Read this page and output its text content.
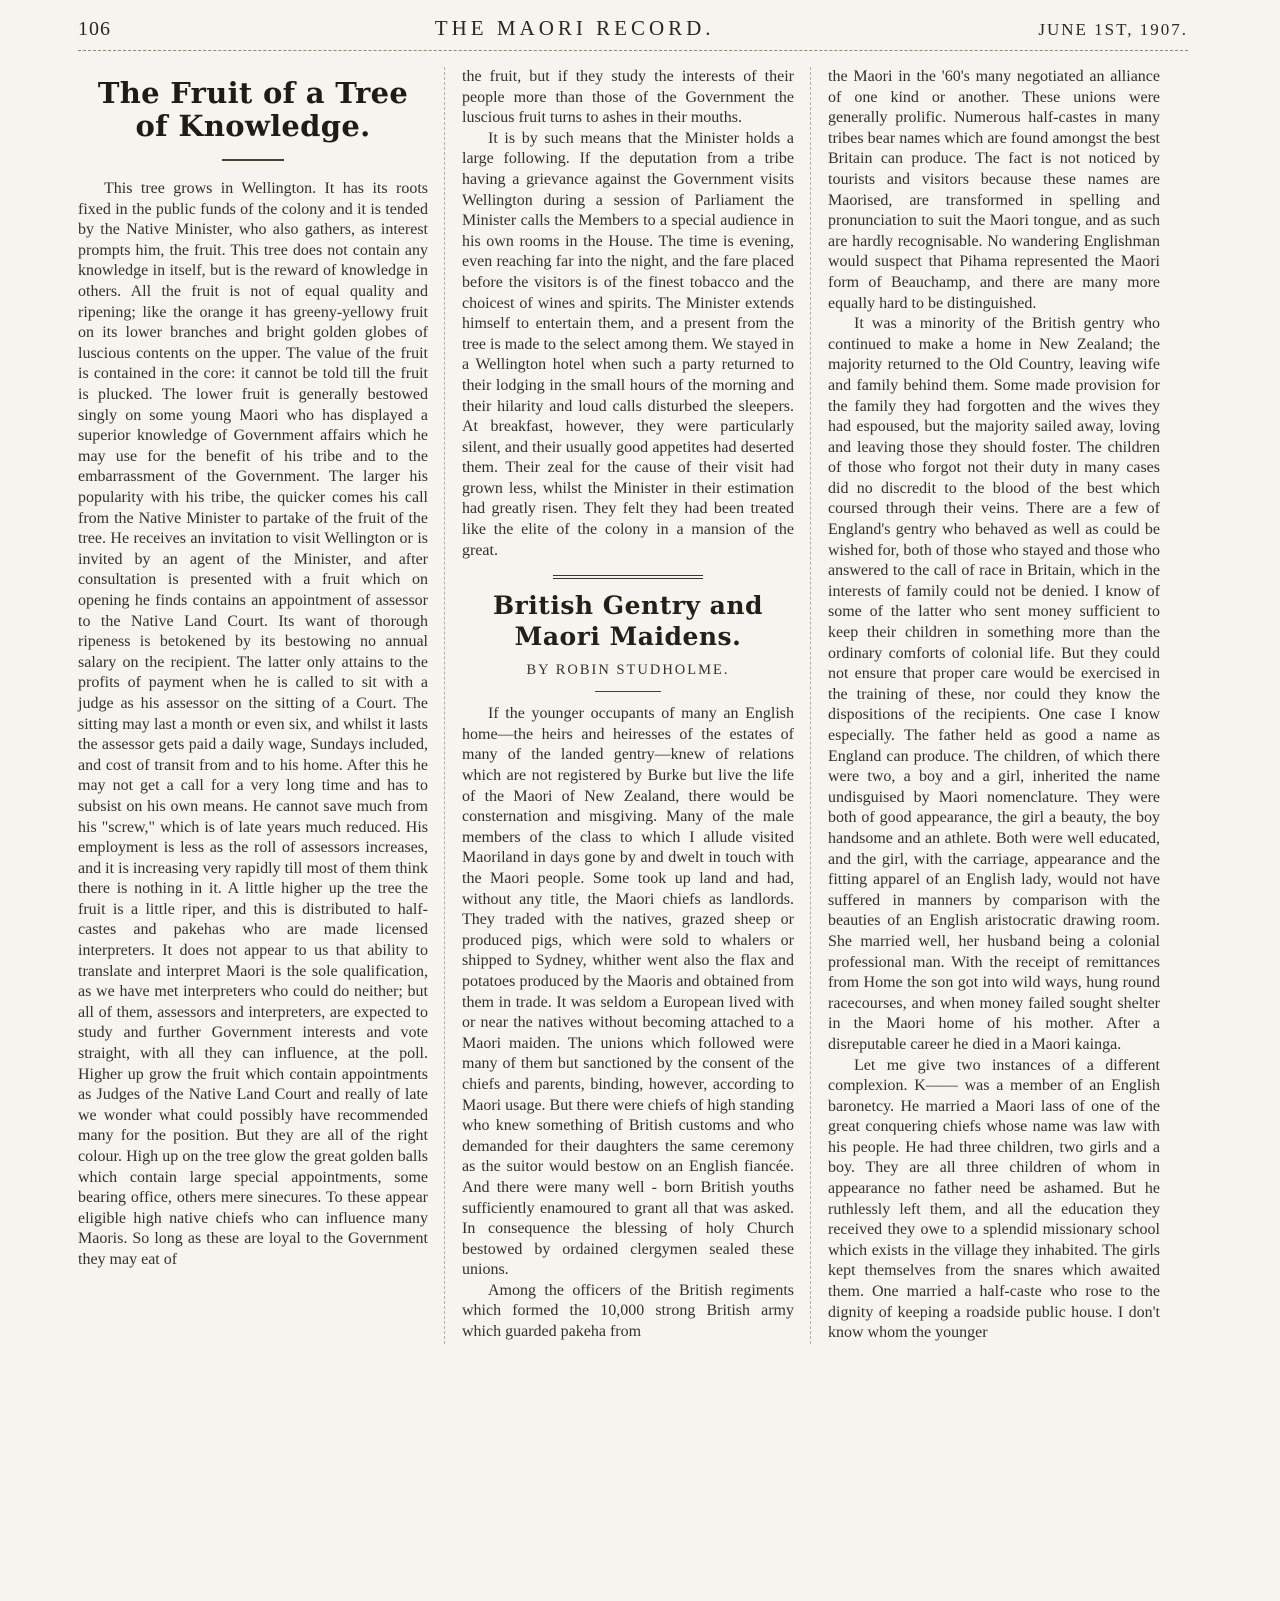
106	THE MAORI RECORD.	JUNE 1ST, 1907.
The Fruit of a Tree of Knowledge.

This tree grows in Wellington. It has its roots fixed in the public funds of the colony and it is tended by the Native Minister, who also gathers, as interest prompts him, the fruit. This tree does not contain any knowledge in itself, but is the reward of knowledge in others. All the fruit is not of equal quality and ripening; like the orange it has greeny-yellowy fruit on its lower branches and bright golden globes of luscious contents on the upper. The value of the fruit is contained in the core: it cannot be told till the fruit is plucked. The lower fruit is generally bestowed singly on some young Maori who has displayed a superior knowledge of Government affairs which he may use for the benefit of his tribe and to the embarrassment of the Government. The larger his popularity with his tribe, the quicker comes his call from the Native Minister to partake of the fruit of the tree. He receives an invitation to visit Wellington or is invited by an agent of the Minister, and after consultation is presented with a fruit which on opening he finds contains an appointment of assessor to the Native Land Court. Its want of thorough ripeness is betokened by its bestowing no annual salary on the recipient. The latter only attains to the profits of payment when he is called to sit with a judge as his assessor on the sitting of a Court. The sitting may last a month or even six, and whilst it lasts the assessor gets paid a daily wage, Sundays included, and cost of transit from and to his home. After this he may not get a call for a very long time and has to subsist on his own means. He cannot save much from his "screw," which is of late years much reduced. His employment is less as the roll of assessors increases, and it is increasing very rapidly till most of them think there is nothing in it. A little higher up the tree the fruit is a little riper, and this is distributed to half-castes and pakehas who are made licensed interpreters. It does not appear to us that ability to translate and interpret Maori is the sole qualification, as we have met interpreters who could do neither; but all of them, assessors and interpreters, are expected to study and further Government interests and vote straight, with all they can influence, at the poll. Higher up grow the fruit which contain appointments as Judges of the Native Land Court and really of late we wonder what could possibly have recommended many for the position. But they are all of the right colour. High up on the tree glow the great golden balls which contain large special appointments, some bearing office, others mere sinecures. To these appear eligible high native chiefs who can influence many Maoris. So long as these are loyal to the Government they may eat of

the fruit, but if they study the interests of their people more than those of the Government the luscious fruit turns to ashes in their mouths.

It is by such means that the Minister holds a large following. If the deputation from a tribe having a grievance against the Government visits Wellington during a session of Parliament the Minister calls the Members to a special audience in his own rooms in the House. The time is evening, even reaching far into the night, and the fare placed before the visitors is of the finest tobacco and the choicest of wines and spirits. The Minister extends himself to entertain them, and a present from the tree is made to the select among them. We stayed in a Wellington hotel when such a party returned to their lodging in the small hours of the morning and their hilarity and loud calls disturbed the sleepers. At breakfast, however, they were particularly silent, and their usually good appetites had deserted them. Their zeal for the cause of their visit had grown less, whilst the Minister in their estimation had greatly risen. They felt they had been treated like the elite of the colony in a mansion of the great.

British Gentry and Maori Maidens.
BY ROBIN STUDHOLME.

If the younger occupants of many an English home—the heirs and heiresses of the estates of many of the landed gentry—knew of relations which are not registered by Burke but live the life of the Maori of New Zealand, there would be consternation and misgiving. Many of the male members of the class to which I allude visited Maoriland in days gone by and dwelt in touch with the Maori people. Some took up land and had, without any title, the Maori chiefs as landlords. They traded with the natives, grazed sheep or produced pigs, which were sold to whalers or shipped to Sydney, whither went also the flax and potatoes produced by the Maoris and obtained from them in trade. It was seldom a European lived with or near the natives without becoming attached to a Maori maiden. The unions which followed were many of them but sanctioned by the consent of the chiefs and parents, binding, however, according to Maori usage. But there were chiefs of high standing who knew something of British customs and who demanded for their daughters the same ceremony as the suitor would bestow on an English fiancée. And there were many well - born British youths sufficiently enamoured to grant all that was asked. In consequence the blessing of holy Church bestowed by ordained clergymen sealed these unions.

Among the officers of the British regiments which formed the 10,000 strong British army which guarded pakeha from

the Maori in the '60's many negotiated an alliance of one kind or another. These unions were generally prolific. Numerous half-castes in many tribes bear names which are found amongst the best Britain can produce. The fact is not noticed by tourists and visitors because these names are Maorised, are transformed in spelling and pronunciation to suit the Maori tongue, and as such are hardly recognisable. No wandering Englishman would suspect that Pihama represented the Maori form of Beauchamp, and there are many more equally hard to be distinguished.

It was a minority of the British gentry who continued to make a home in New Zealand; the majority returned to the Old Country, leaving wife and family behind them. Some made provision for the family they had forgotten and the wives they had espoused, but the majority sailed away, loving and leaving those they should foster. The children of those who forgot not their duty in many cases did no discredit to the blood of the best which coursed through their veins. There are a few of England's gentry who behaved as well as could be wished for, both of those who stayed and those who answered to the call of race in Britain, which in the interests of family could not be denied. I know of some of the latter who sent money sufficient to keep their children in something more than the ordinary comforts of colonial life. But they could not ensure that proper care would be exercised in the training of these, nor could they know the dispositions of the recipients. One case I know especially. The father held as good a name as England can produce. The children, of which there were two, a boy and a girl, inherited the name undisguised by Maori nomenclature. They were both of good appearance, the girl a beauty, the boy handsome and an athlete. Both were well educated, and the girl, with the carriage, appearance and the fitting apparel of an English lady, would not have suffered in manners by comparison with the beauties of an English aristocratic drawing room. She married well, her husband being a colonial professional man. With the receipt of remittances from Home the son got into wild ways, hung round racecourses, and when money failed sought shelter in the Maori home of his mother. After a disreputable career he died in a Maori kainga.

Let me give two instances of a different complexion. K—— was a member of an English baronetcy. He married a Maori lass of one of the great conquering chiefs whose name was law with his people. He had three children, two girls and a boy. They are all three children of whom in appearance no father need be ashamed. But he ruthlessly left them, and all the education they received they owe to a splendid missionary school which exists in the village they inhabited. The girls kept themselves from the snares which awaited them. One married a half-caste who rose to the dignity of keeping a roadside public house. I don't know whom the younger
